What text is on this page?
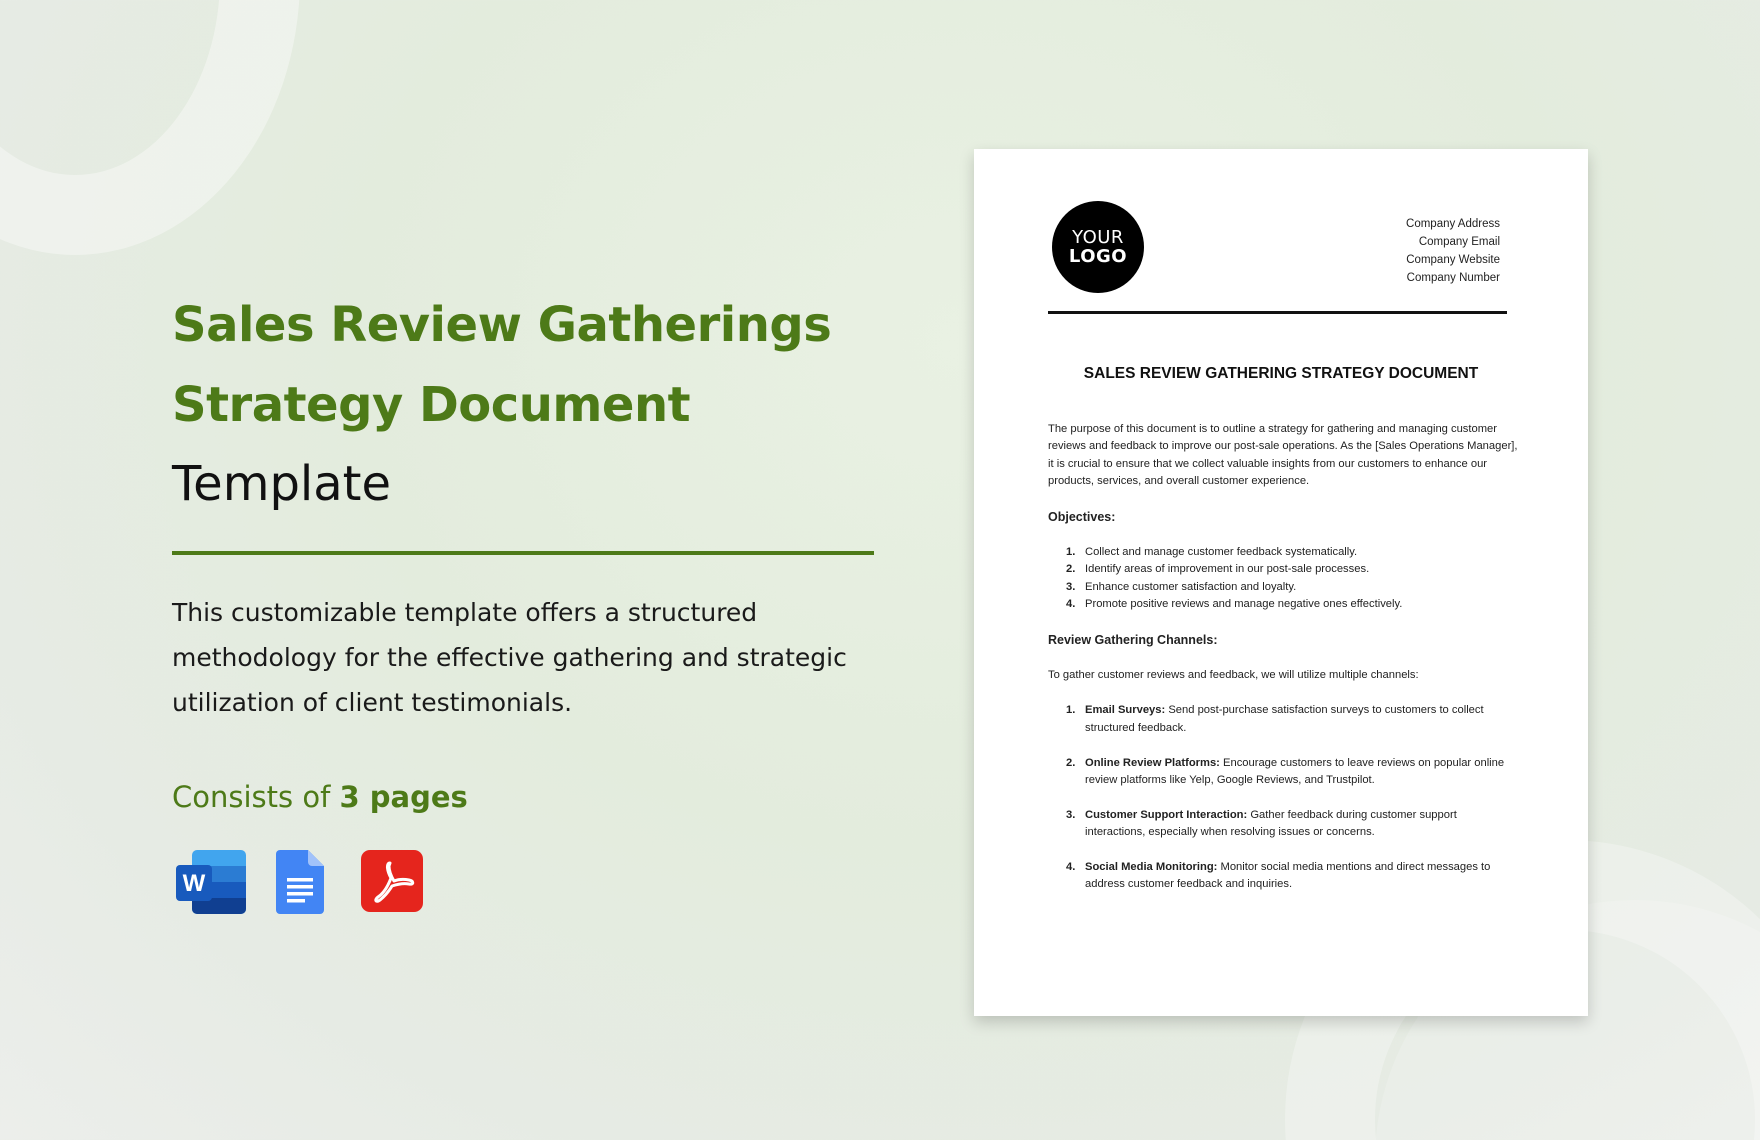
Sales Review Gatherings
Strategy Document
Template
This customizable template offers a structured methodology for the effective gathering and strategic utilization of client testimonials.
Consists of 3 pages
W
YOUR
LOGO
Company Address
Company Email
Company Website
Company Number
SALES REVIEW GATHERING STRATEGY DOCUMENT

The purpose of this document is to outline a strategy for gathering and managing customer reviews and feedback to improve our post-sale operations. As the [Sales Operations Manager], it is crucial to ensure that we collect valuable insights from our customers to enhance our products, services, and overall customer experience.

Objectives:
1. Collect and manage customer feedback systematically.
2. Identify areas of improvement in our post-sale processes.
3. Enhance customer satisfaction and loyalty.
4. Promote positive reviews and manage negative ones effectively.
Review Gathering Channels:

To gather customer reviews and feedback, we will utilize multiple channels:

1. Email Surveys: Send post-purchase satisfaction surveys to customers to collect structured feedback.
2. Online Review Platforms: Encourage customers to leave reviews on popular online review platforms like Yelp, Google Reviews, and Trustpilot.
3. Customer Support Interaction: Gather feedback during customer support interactions, especially when resolving issues or concerns.
4. Social Media Monitoring: Monitor social media mentions and direct messages to address customer feedback and inquiries.
